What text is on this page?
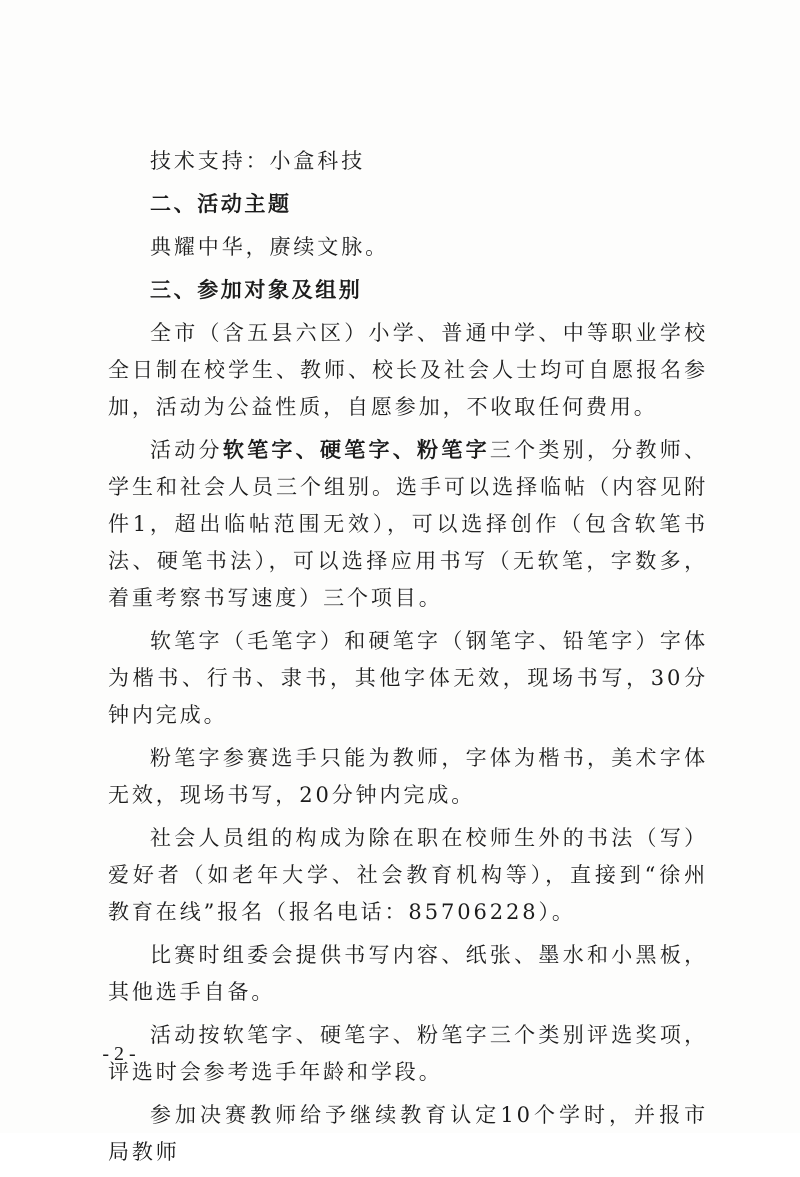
技术支持：小盒科技

二、活动主题

典耀中华，赓续文脉。

三、参加对象及组别

全市（含五县六区）小学、普通中学、中等职业学校全日制在校学生、教师、校长及社会人士均可自愿报名参加，活动为公益性质，自愿参加，不收取任何费用。

活动分软笔字、硬笔字、粉笔字三个类别，分教师、学生和社会人员三个组别。选手可以选择临帖（内容见附件1，超出临帖范围无效），可以选择创作（包含软笔书法、硬笔书法），可以选择应用书写（无软笔，字数多，着重考察书写速度）三个项目。

软笔字（毛笔字）和硬笔字（钢笔字、铅笔字）字体为楷书、行书、隶书，其他字体无效，现场书写，30分钟内完成。

粉笔字参赛选手只能为教师，字体为楷书，美术字体无效，现场书写，20分钟内完成。

社会人员组的构成为除在职在校师生外的书法（写）爱好者（如老年大学、社会教育机构等），直接到“徐州教育在线”报名（报名电话：85706228）。

比赛时组委会提供书写内容、纸张、墨水和小黑板，其他选手自备。

活动按软笔字、硬笔字、粉笔字三个类别评选奖项，评选时会参考选手年龄和学段。

参加决赛教师给予继续教育认定10个学时，并报市局教师

- 2 -
